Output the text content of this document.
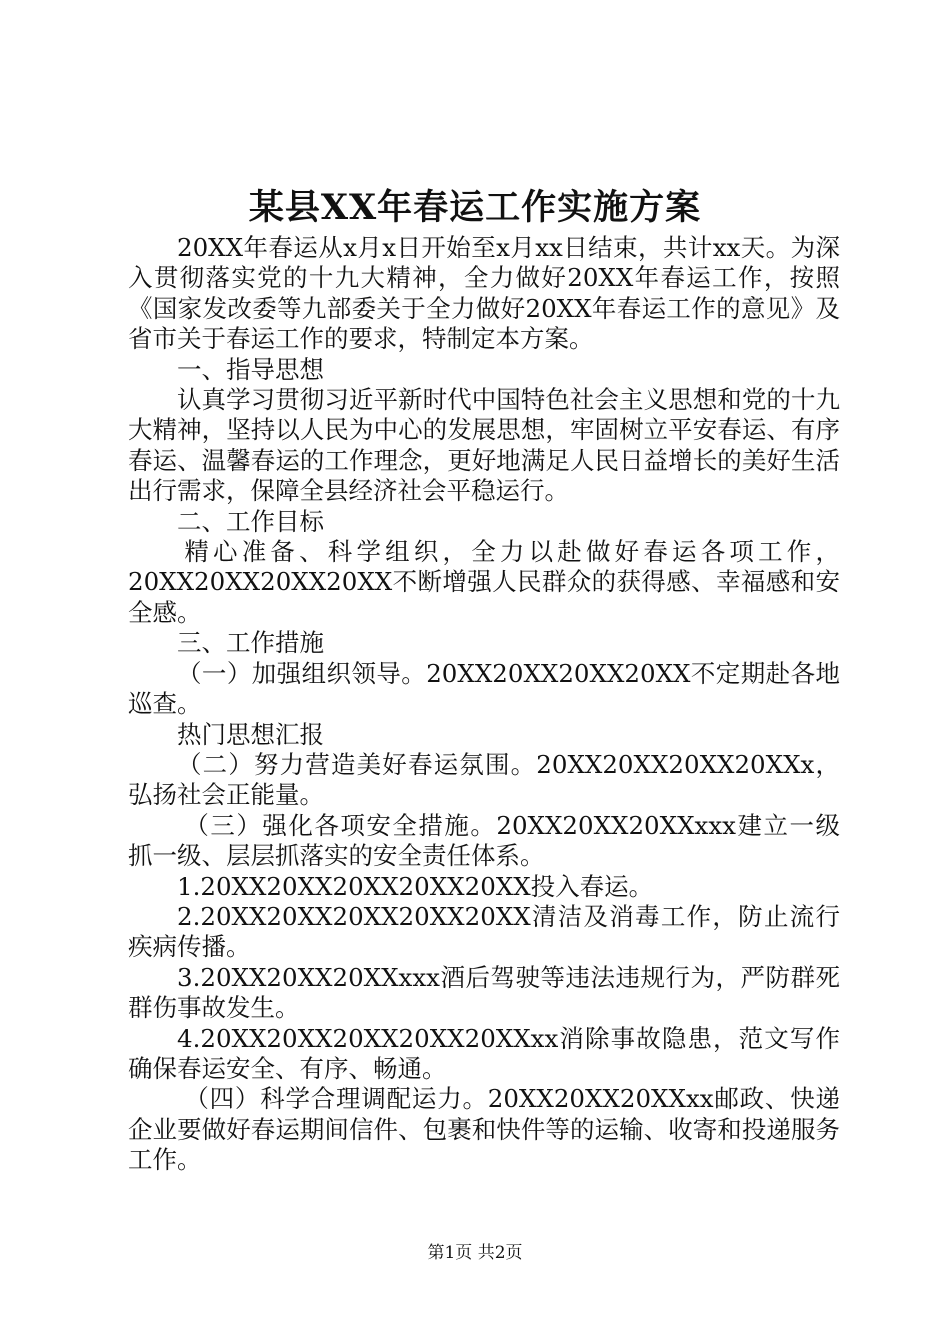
某县XX年春运工作实施方案

20XX年春运从x月x日开始至x月xx日结束，共计xx天。为深入贯彻落实党的十九大精神，全力做好20XX年春运工作，按照《国家发改委等九部委关于全力做好20XX年春运工作的意见》及省市关于春运工作的要求，特制定本方案。

一、指导思想

认真学习贯彻习近平新时代中国特色社会主义思想和党的十九大精神，坚持以人民为中心的发展思想，牢固树立平安春运、有序春运、温馨春运的工作理念，更好地满足人民日益增长的美好生活出行需求，保障全县经济社会平稳运行。

二、工作目标

精心准备、科学组织，全力以赴做好春运各项工作，20XX20XX20XX20XX不断增强人民群众的获得感、幸福感和安全感。

三、工作措施

（一）加强组织领导。20XX20XX20XX20XX不定期赴各地巡查。

热门思想汇报

（二）努力营造美好春运氛围。20XX20XX20XX20XXx，弘扬社会正能量。

（三）强化各项安全措施。20XX20XX20XXxxx建立一级抓一级、层层抓落实的安全责任体系。

1.20XX20XX20XX20XX20XX投入春运。

2.20XX20XX20XX20XX20XX清洁及消毒工作，防止流行疾病传播。

3.20XX20XX20XXxxx酒后驾驶等违法违规行为，严防群死群伤事故发生。

4.20XX20XX20XX20XX20XXxx消除事故隐患，范文写作确保春运安全、有序、畅通。

（四）科学合理调配运力。20XX20XX20XXxx邮政、快递企业要做好春运期间信件、包裹和快件等的运输、收寄和投递服务工作。

第1页 共2页
